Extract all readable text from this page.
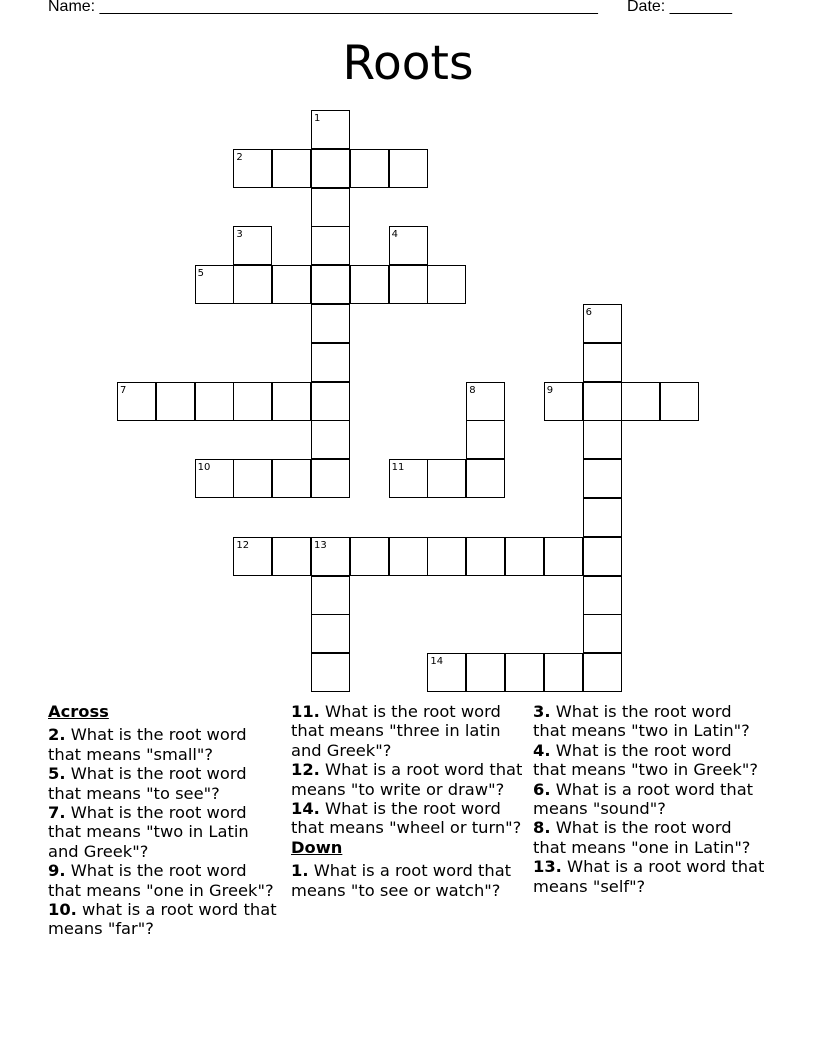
Name: ________________________________________________________ Date: _______
Roots
1
2
3	4
5
6
7	8	9
10	11
12	13
14
Across
2. What is the root word that means "small"?
5. What is the root word that means "to see"?
7. What is the root word that means "two in Latin and Greek"?
9. What is the root word that means "one in Greek"?
10. what is a root word that means "far"?
11. What is the root word that means "three in latin and Greek"?
12. What is a root word that means "to write or draw"?
14. What is the root word that means "wheel or turn"?
Down
1. What is a root word that means "to see or watch"?
3. What is the root word that means "two in Latin"?
4. What is the root word that means "two in Greek"?
6. What is a root word that means "sound"?
8. What is the root word that means "one in Latin"?
13. What is a root word that means "self"?
